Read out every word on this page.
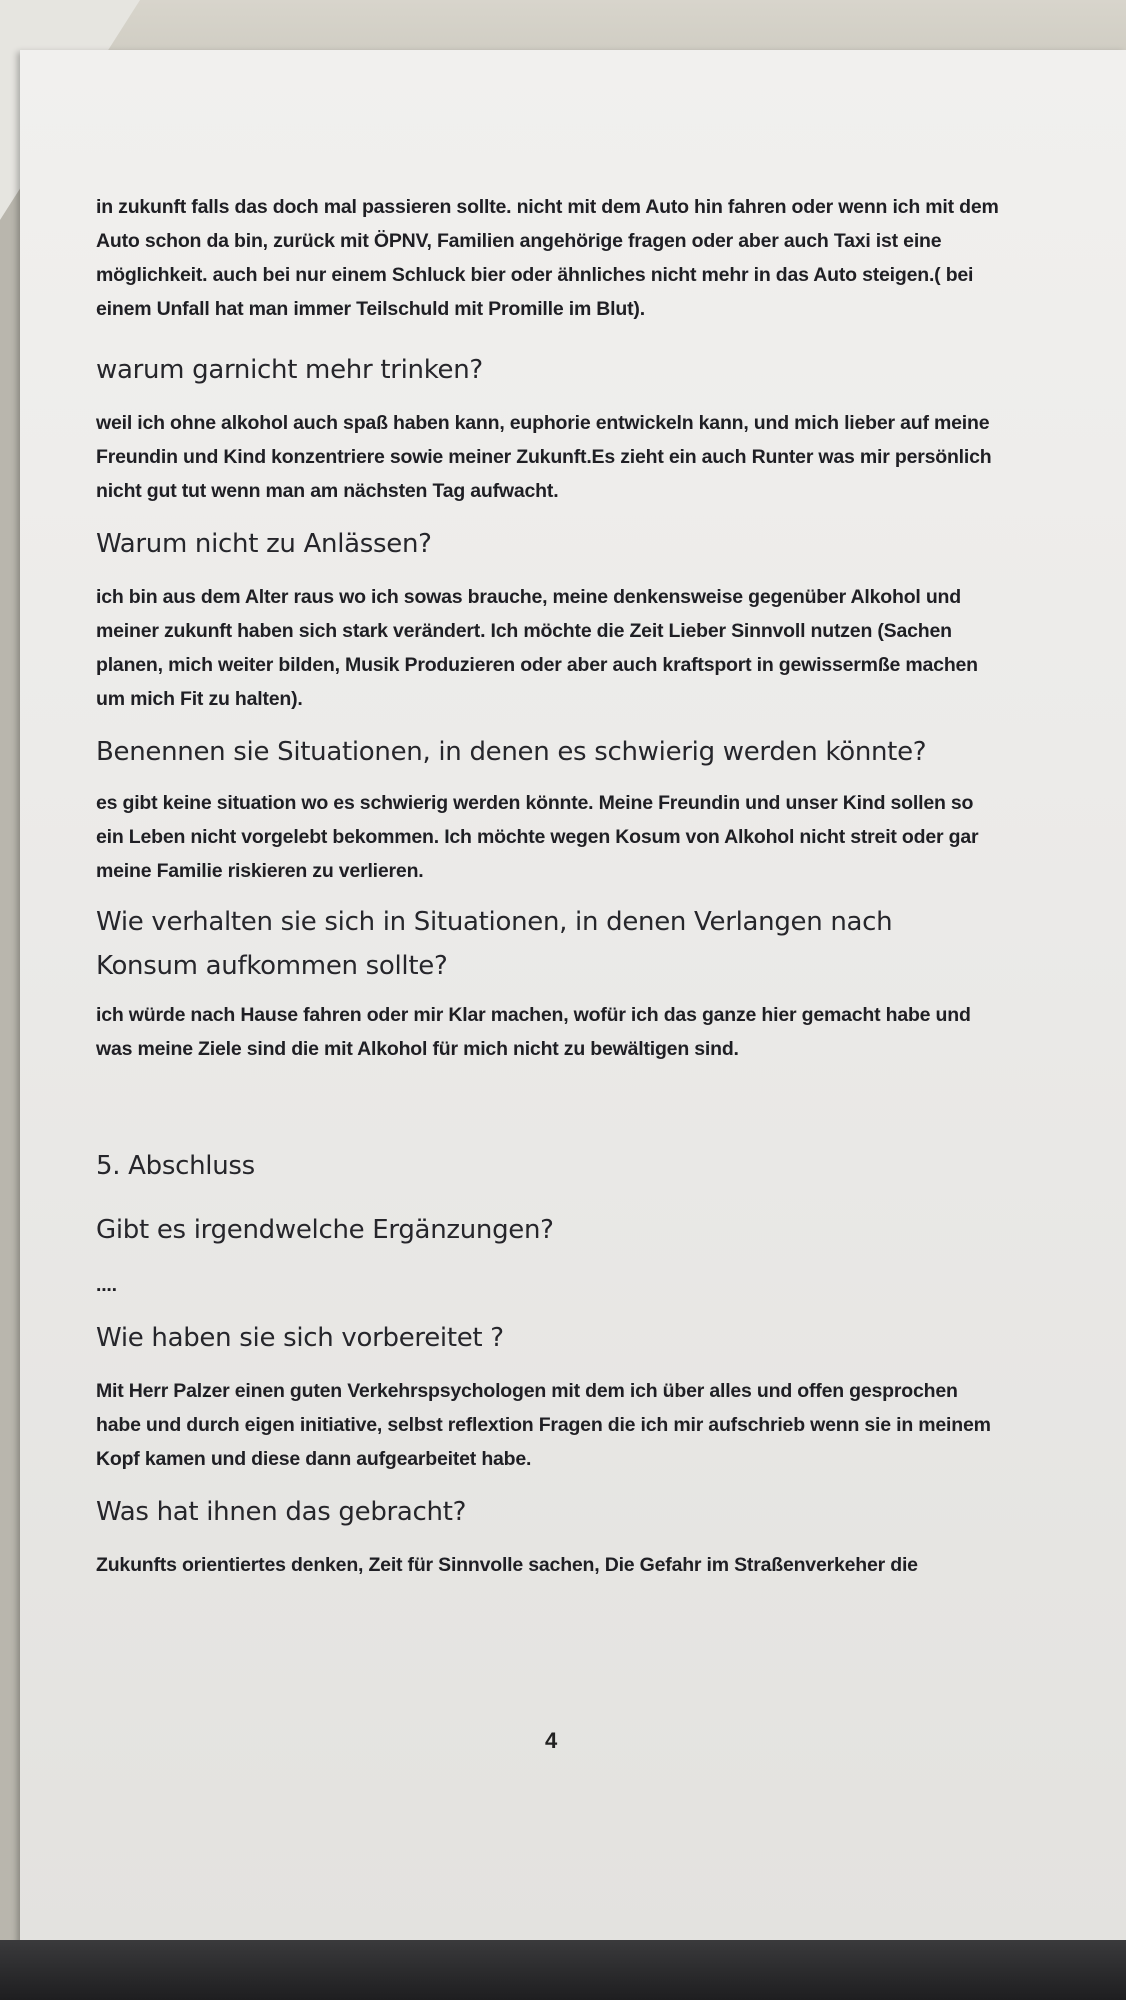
in zukunft falls das doch mal passieren sollte. nicht mit dem Auto hin fahren oder wenn ich mit dem Auto schon da bin, zurück mit ÖPNV, Familien angehörige fragen oder aber auch Taxi ist eine möglichkeit. auch bei nur einem Schluck bier oder ähnliches nicht mehr in das Auto steigen.( bei einem Unfall hat man immer Teilschuld mit Promille im Blut).

warum garnicht mehr trinken?

weil ich ohne alkohol auch spaß haben kann, euphorie entwickeln kann, und mich lieber auf meine Freundin und Kind konzentriere sowie meiner Zukunft.Es zieht ein auch Runter was mir persönlich nicht gut tut wenn man am nächsten Tag aufwacht.

Warum nicht zu Anlässen?

ich bin aus dem Alter raus wo ich sowas brauche, meine denkensweise gegenüber Alkohol und meiner zukunft haben sich stark verändert. Ich möchte die Zeit Lieber Sinnvoll nutzen (Sachen planen, mich weiter bilden, Musik Produzieren oder aber auch kraftsport in gewissermße machen um mich Fit zu halten).

Benennen sie Situationen, in denen es schwierig werden könnte?

es gibt keine situation wo es schwierig werden könnte. Meine Freundin und unser Kind sollen so ein Leben nicht vorgelebt bekommen. Ich möchte wegen Kosum von Alkohol nicht streit oder gar meine Familie riskieren zu verlieren.

Wie verhalten sie sich in Situationen, in denen Verlangen nach Konsum aufkommen sollte?

ich würde nach Hause fahren oder mir Klar machen, wofür ich das ganze hier gemacht habe und was meine Ziele sind die mit Alkohol für mich nicht zu bewältigen sind.

5. Abschluss

Gibt es irgendwelche Ergänzungen?

....

Wie haben sie sich vorbereitet ?

Mit Herr Palzer einen guten Verkehrspsychologen mit dem ich über alles und offen gesprochen habe und durch eigen initiative, selbst reflextion Fragen die ich mir aufschrieb wenn sie in meinem Kopf kamen und diese dann aufgearbeitet habe.

Was hat ihnen das gebracht?

Zukunfts orientiertes denken, Zeit für Sinnvolle sachen, Die Gefahr im Straßenverkeher die

4
